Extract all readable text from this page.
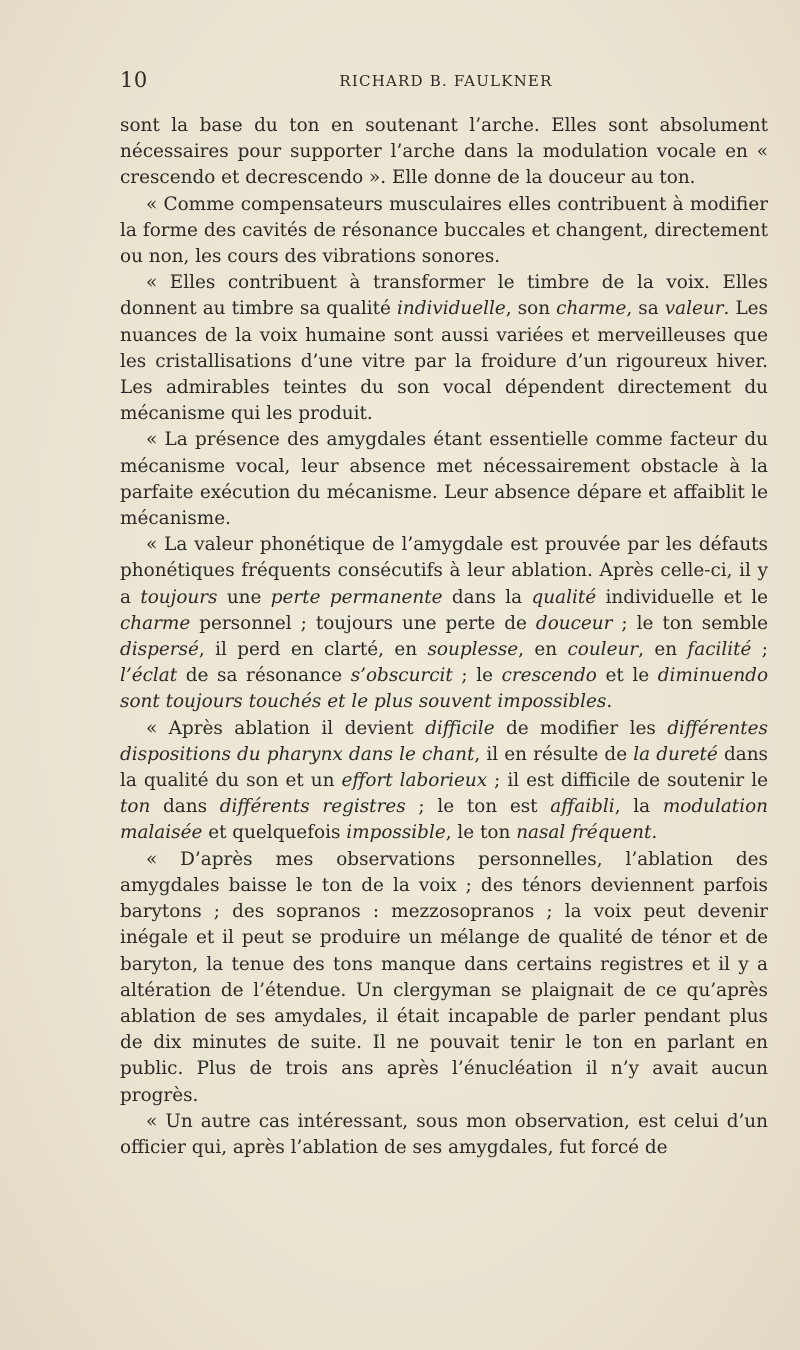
10	RICHARD B. FAULKNER

sont la base du ton en soutenant l’arche. Elles sont absolument nécessaires pour supporter l’arche dans la modulation vocale en « crescendo et decrescendo ». Elle donne de la douceur au ton.

« Comme compensateurs musculaires elles contribuent à modifier la forme des cavités de résonance buccales et changent, directement ou non, les cours des vibrations sonores.

« Elles contribuent à transformer le timbre de la voix. Elles donnent au timbre sa qualité individuelle, son charme, sa valeur. Les nuances de la voix humaine sont aussi variées et merveilleuses que les cristallisations d’une vitre par la froidure d’un rigoureux hiver. Les admirables teintes du son vocal dépendent directement du mécanisme qui les produit.

« La présence des amygdales étant essentielle comme facteur du mécanisme vocal, leur absence met nécessairement obstacle à la parfaite exécution du mécanisme. Leur absence dépare et affaiblit le mécanisme.

« La valeur phonétique de l’amygdale est prouvée par les défauts phonétiques fréquents consécutifs à leur ablation. Après celle-ci, il y a toujours une perte permanente dans la qualité individuelle et le charme personnel ; toujours une perte de douceur ; le ton semble dispersé, il perd en clarté, en souplesse, en couleur, en facilité ; l’éclat de sa résonance s’obscurcit ; le crescendo et le diminuendo sont toujours touchés et le plus souvent impossibles.

« Après ablation il devient difficile de modifier les différentes dispositions du pharynx dans le chant, il en résulte de la dureté dans la qualité du son et un effort laborieux ; il est difficile de soutenir le ton dans différents registres ; le ton est affaibli, la modulation malaisée et quelquefois impossible, le ton nasal fréquent.

« D’après mes observations personnelles, l’ablation des amygdales baisse le ton de la voix ; des ténors deviennent parfois barytons ; des sopranos : mezzosopranos ; la voix peut devenir inégale et il peut se produire un mélange de qualité de ténor et de baryton, la tenue des tons manque dans certains registres et il y a altération de l’étendue. Un clergyman se plaignait de ce qu’après ablation de ses amydales, il était incapable de parler pendant plus de dix minutes de suite. Il ne pouvait tenir le ton en parlant en public. Plus de trois ans après l’énucléation il n’y avait aucun progrès.

« Un autre cas intéressant, sous mon observation, est celui d’un officier qui, après l’ablation de ses amygdales, fut forcé de
